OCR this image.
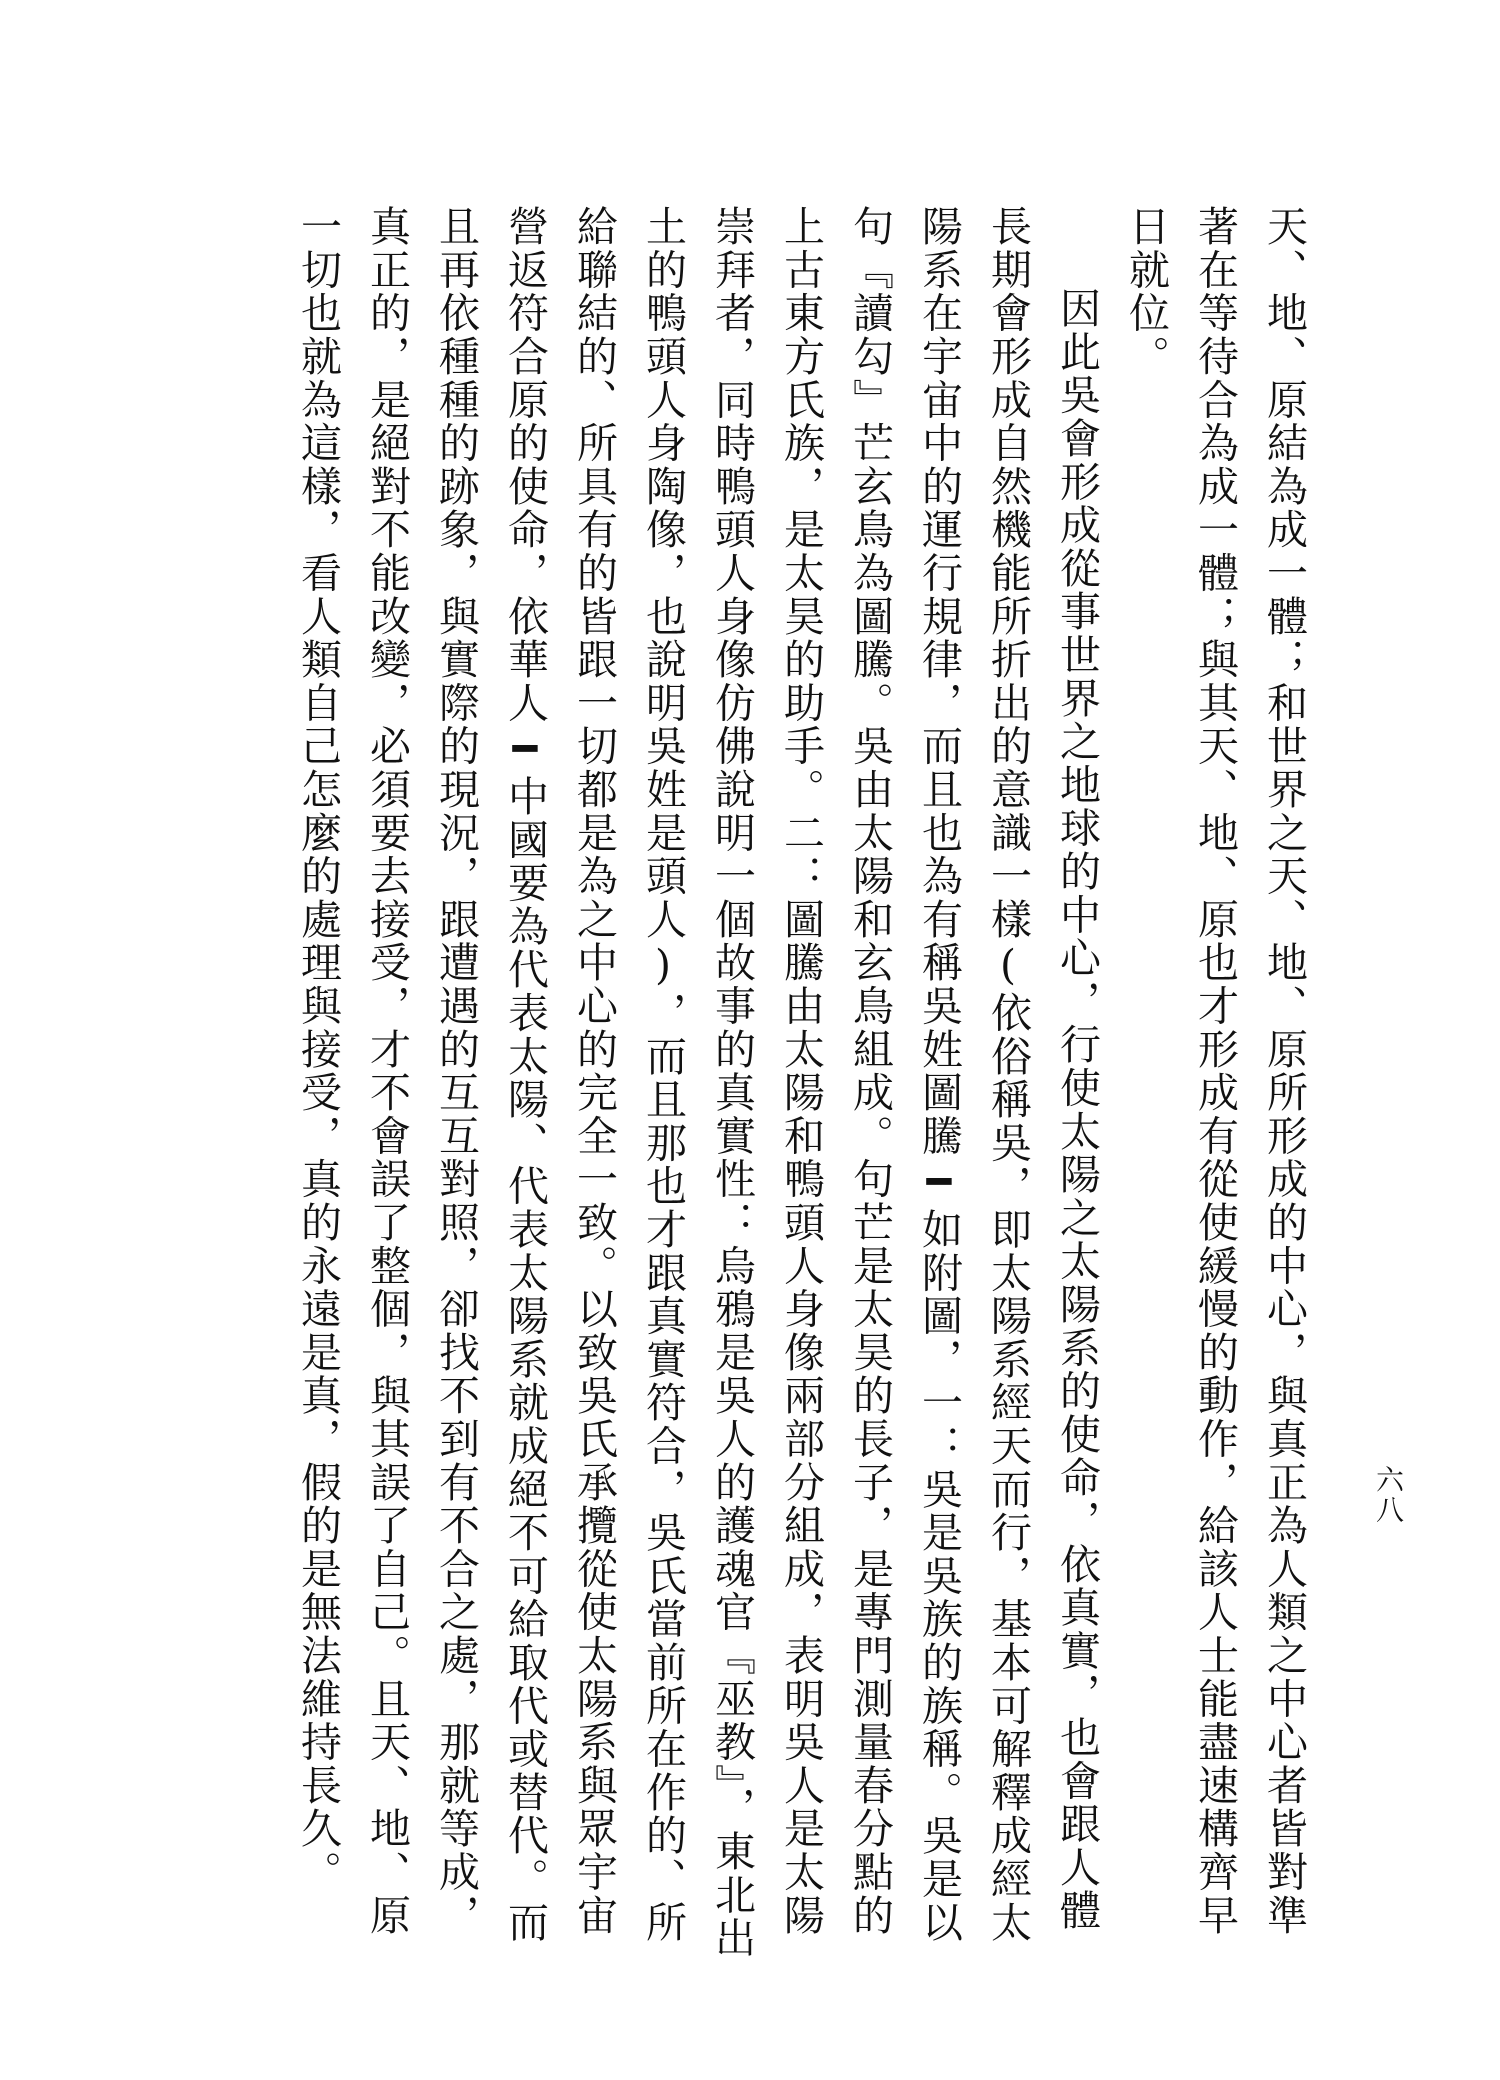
六八

天、地、原結為成一體；和世界之天、地、原所形成的中心，與真正為人類之中心者皆對準著在等待合為成一體；與其天、地、原也才形成有從使緩慢的動作，給該人士能盡速構齊早日就位。

因此吳會形成從事世界之地球的中心，行使太陽之太陽系的使命，依真實，也會跟人體長期會形成自然機能所折出的意識一樣(依俗稱吳，即太陽系經天而行，基本可解釋成經太陽系在宇宙中的運行規律，而且也為有稱吳姓圖騰━如附圖，一：吳是吳族的族稱。吳是以句『讀勾』芒玄鳥為圖騰。吳由太陽和玄鳥組成。句芒是太昊的長子，是專門測量春分點的上古東方氏族，是太昊的助手。二：圖騰由太陽和鴨頭人身像兩部分組成，表明吳人是太陽崇拜者，同時鴨頭人身像仿佛說明一個故事的真實性：烏鴉是吳人的護魂官『巫教』，東北出土的鴨頭人身陶像，也說明吳姓是頭人)，而且那也才跟真實符合，吳氏當前所在作的、所給聯結的、所具有的皆跟一切都是為之中心的完全一致。以致吳氏承攬從使太陽系與眾宇宙營返符合原的使命，依華人━中國要為代表太陽、代表太陽系就成絕不可給取代或替代。而且再依種種的跡象，與實際的現況，跟遭遇的互互對照，卻找不到有不合之處，那就等成，真正的，是絕對不能改變，必須要去接受，才不會誤了整個，與其誤了自己。且天、地、原一切也就為這樣，看人類自己怎麼的處理與接受，真的永遠是真，假的是無法維持長久。
